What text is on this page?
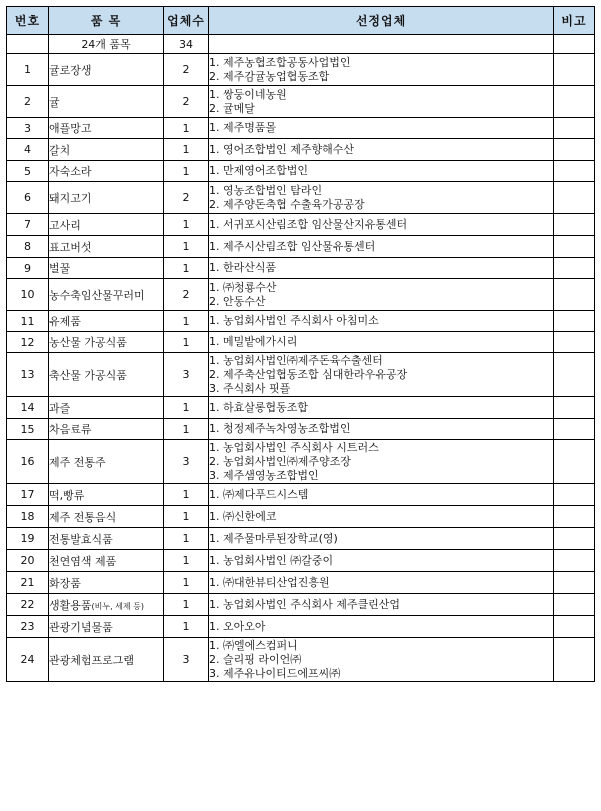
번호	품 목	업체수	선정업체	비고
	24개 품목	34		
1	귤로장생	2	1. 제주농협조합공동사업법인
2. 제주감귤농업협동조합	

2	귤	2	1. 쌍둥이네농원
2. 귤메달	

3	애플망고	1	1. 제주명품몰	

4	갈치	1	1. 영어조합법인 제주향해수산	

5	자숙소라	1	1. 만제영어조합법인	

6	돼지고기	2	1. 영농조합법인 탐라인
2. 제주양돈축협 수출육가공공장	

7	고사리	1	1. 서귀포시산림조합 임산물산지유통센터	

8	표고버섯	1	1. 제주시산림조합 임산물유통센터	

9	벌꿀	1	1. 한라산식품	

10	농수축임산물꾸러미	2	1. ㈜청룡수산
2. 안동수산	

11	유제품	1	1. 농업회사법인 주식회사 아침미소	

12	농산물 가공식품	1	1. 메밀밭에가시리	

13	축산물 가공식품	3	1. 농업회사법인㈜제주돈육수출센터
2. 제주축산업협동조합 심대한라우유공장
3. 주식회사 핏플	

14	과즐	1	1. 하효살롱협동조합	

15	차음료류	1	1. 청정제주녹차영농조합법인	

16	제주 전통주	3	1. 농업회사법인 주식회사 시트러스
2. 농업회사법인㈜제주양조장
3. 제주샘영농조합법인	

17	떡,빵류	1	1. ㈜제다푸드시스템	

18	제주 전통음식	1	1. ㈜신한에코	

19	전통발효식품	1	1. 제주물마루된장학교(영)	

20	천연염색 제품	1	1. 농업회사법인 ㈜갈중이	

21	화장품	1	1. ㈜대한뷰티산업진흥원	

22	생활용품(비누, 세제 등)	1	1. 농업회사법인 주식회사 제주클린산업	

23	관광기념물품	1	1. 오아오아	

24	관광체험프로그램	3	1. ㈜엘에스컴퍼니
2. 슬리핑 라이언㈜
3. 제주유나이티드에프씨㈜	
